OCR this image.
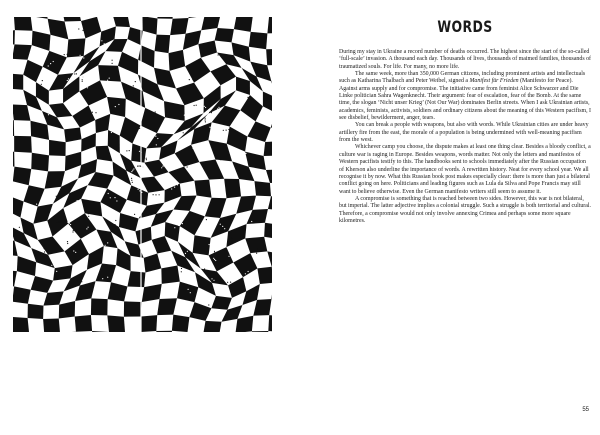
WORDS

During my stay in Ukraine a record number of deaths occurred. The highest since the start of the so-called ‘full-scale’ invasion. A thousand each day. Thousands of lives, thousands of maimed families, thousands of traumatized souls. For life. For many, no more life.

The same week, more than 350,000 German citizens, including prominent artists and intellectuals such as Katharina Thalbach and Peter Weibel, signed a Manifest für Frieden (Manifesto for Peace). Against arms supply and for compromise. The initiative came from feminist Alice Schwarzer and Die Linke politician Sahra Wagenknecht. Their argument: fear of escalation, fear of the Bomb. At the same time, the slogan ‘Nicht unser Krieg’ (Not Our War) dominates Berlin streets. When I ask Ukrainian artists, academics, feminists, activists, soldiers and ordinary citizens about the meaning of this Western pacifism, I see disbelief, bewilderment, anger, tears.

You can break a people with weapons, but also with words. While Ukrainian cities are under heavy artillery fire from the east, the morale of a population is being undermined with well-meaning pacifism from the west.

Whichever camp you choose, the dispute makes at least one thing clear. Besides a bloody conflict, a culture war is raging in Europe. Besides weapons, words matter. Not only the letters and manifestos of Western pacifists testify to this. The handbooks sent to schools immediately after the Russian occupation of Kherson also underline the importance of words. A rewritten history. Neat for every school year. We all recognise it by now. What this Russian book post makes especially clear: there is more than just a bilateral conflict going on here. Politicians and leading figures such as Lula da Silva and Pope Francis may still want to believe otherwise. Even the German manifesto writers still seem to assume it.

A compromise is something that is reached between two sides. However, this war is not bilateral, but imperial. The latter adjective implies a colonial struggle. Such a struggle is both territorial and cultural. Therefore, a compromise would not only involve annexing Crimea and perhaps some more square kilometres.

55
